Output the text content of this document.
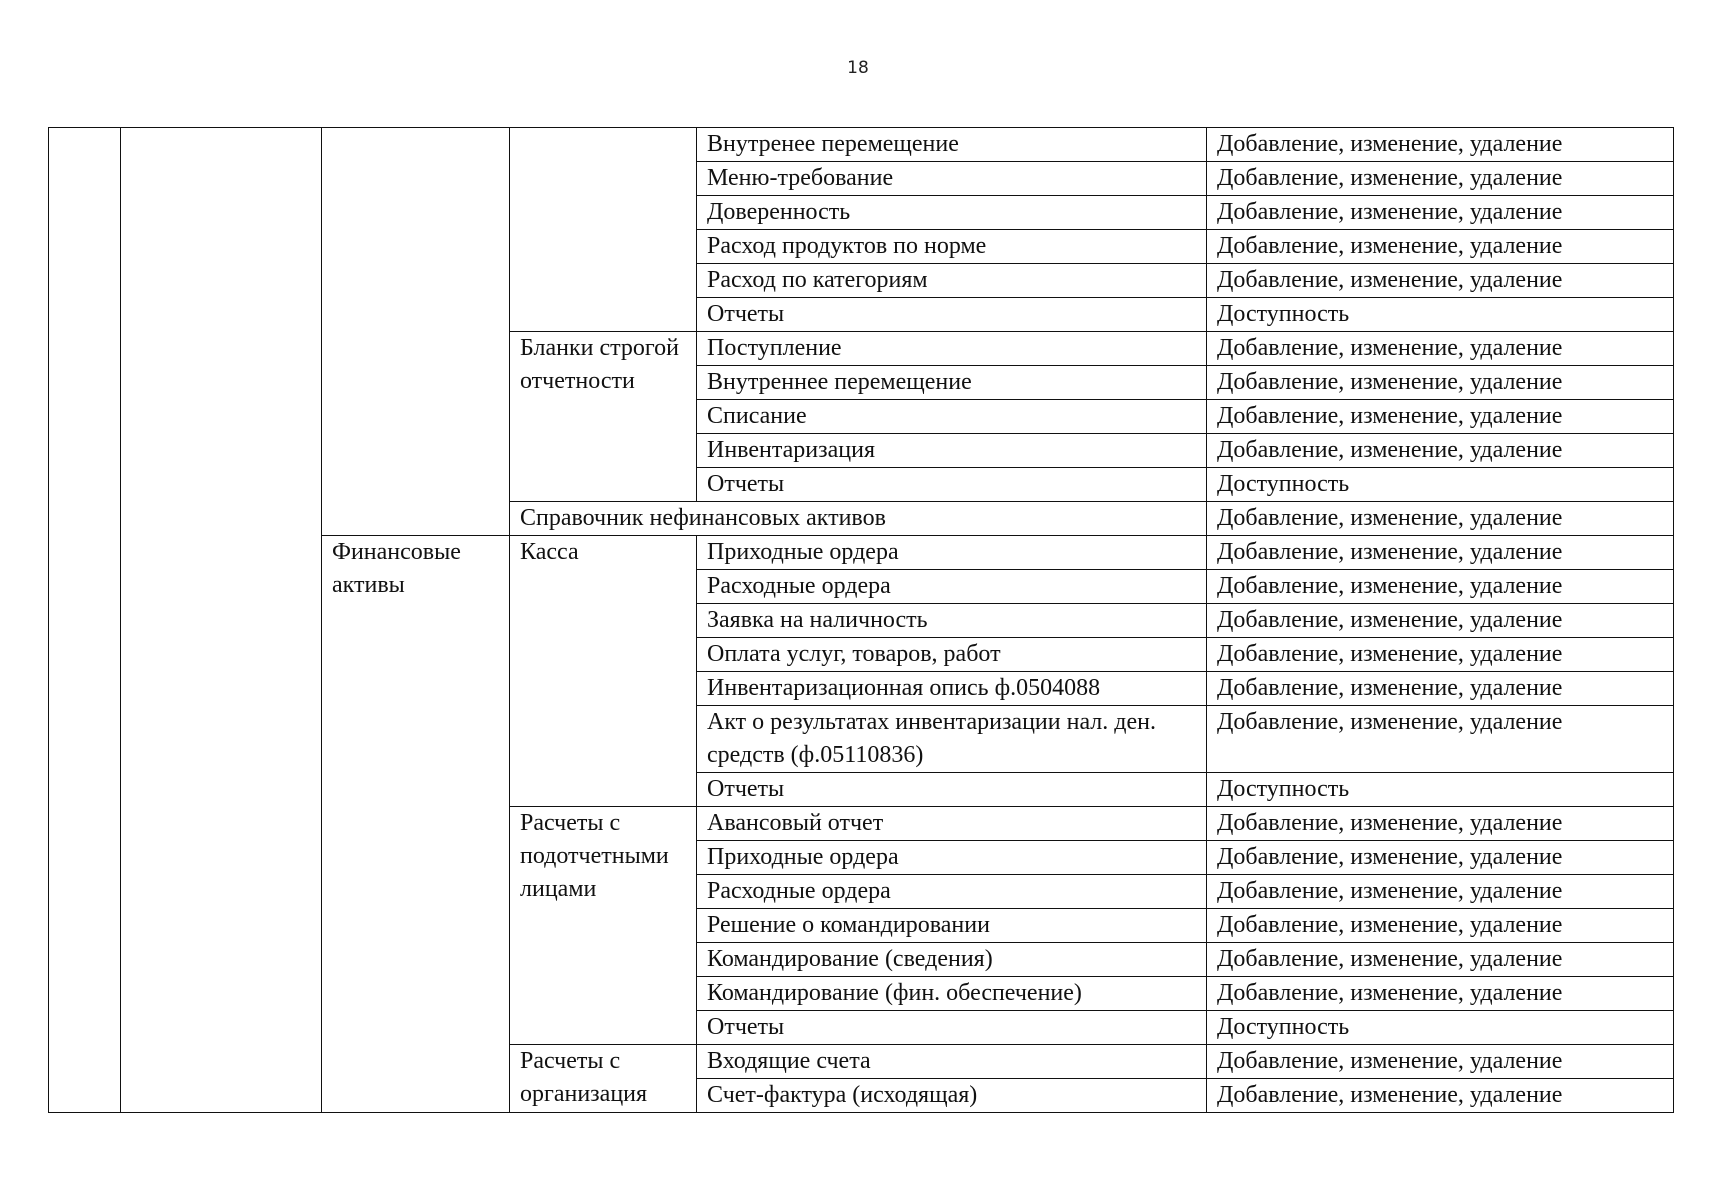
18
				Внутренее перемещение	Добавление, изменение, удаление
				Меню-требование	Добавление, изменение, удаление
				Доверенность	Добавление, изменение, удаление
				Расход продуктов по норме	Добавление, изменение, удаление
				Расход по категориям	Добавление, изменение, удаление
				Отчеты	Доступность
			Бланки строгой отчетности	Поступление	Добавление, изменение, удаление
				Внутреннее перемещение	Добавление, изменение, удаление
				Списание	Добавление, изменение, удаление
				Инвентаризация	Добавление, изменение, удаление
				Отчеты	Доступность
			Справочник нефинансовых активов		Добавление, изменение, удаление
		Финансовые активы	Касса	Приходные ордера	Добавление, изменение, удаление
				Расходные ордера	Добавление, изменение, удаление
				Заявка на наличность	Добавление, изменение, удаление
				Оплата услуг, товаров, работ	Добавление, изменение, удаление
				Инвентаризационная опись ф.0504088	Добавление, изменение, удаление
				Акт о результатах инвентаризации нал. ден. средств (ф.05110836)	Добавление, изменение, удаление
				Отчеты	Доступность
			Расчеты с подотчетными лицами	Авансовый отчет	Добавление, изменение, удаление
				Приходные ордера	Добавление, изменение, удаление
				Расходные ордера	Добавление, изменение, удаление
				Решение о командировании	Добавление, изменение, удаление
				Командирование (сведения)	Добавление, изменение, удаление
				Командирование (фин. обеспечение)	Добавление, изменение, удаление
				Отчеты	Доступность
			Расчеты с организация	Входящие счета	Добавление, изменение, удаление
				Счет-фактура (исходящая)	Добавление, изменение, удаление
